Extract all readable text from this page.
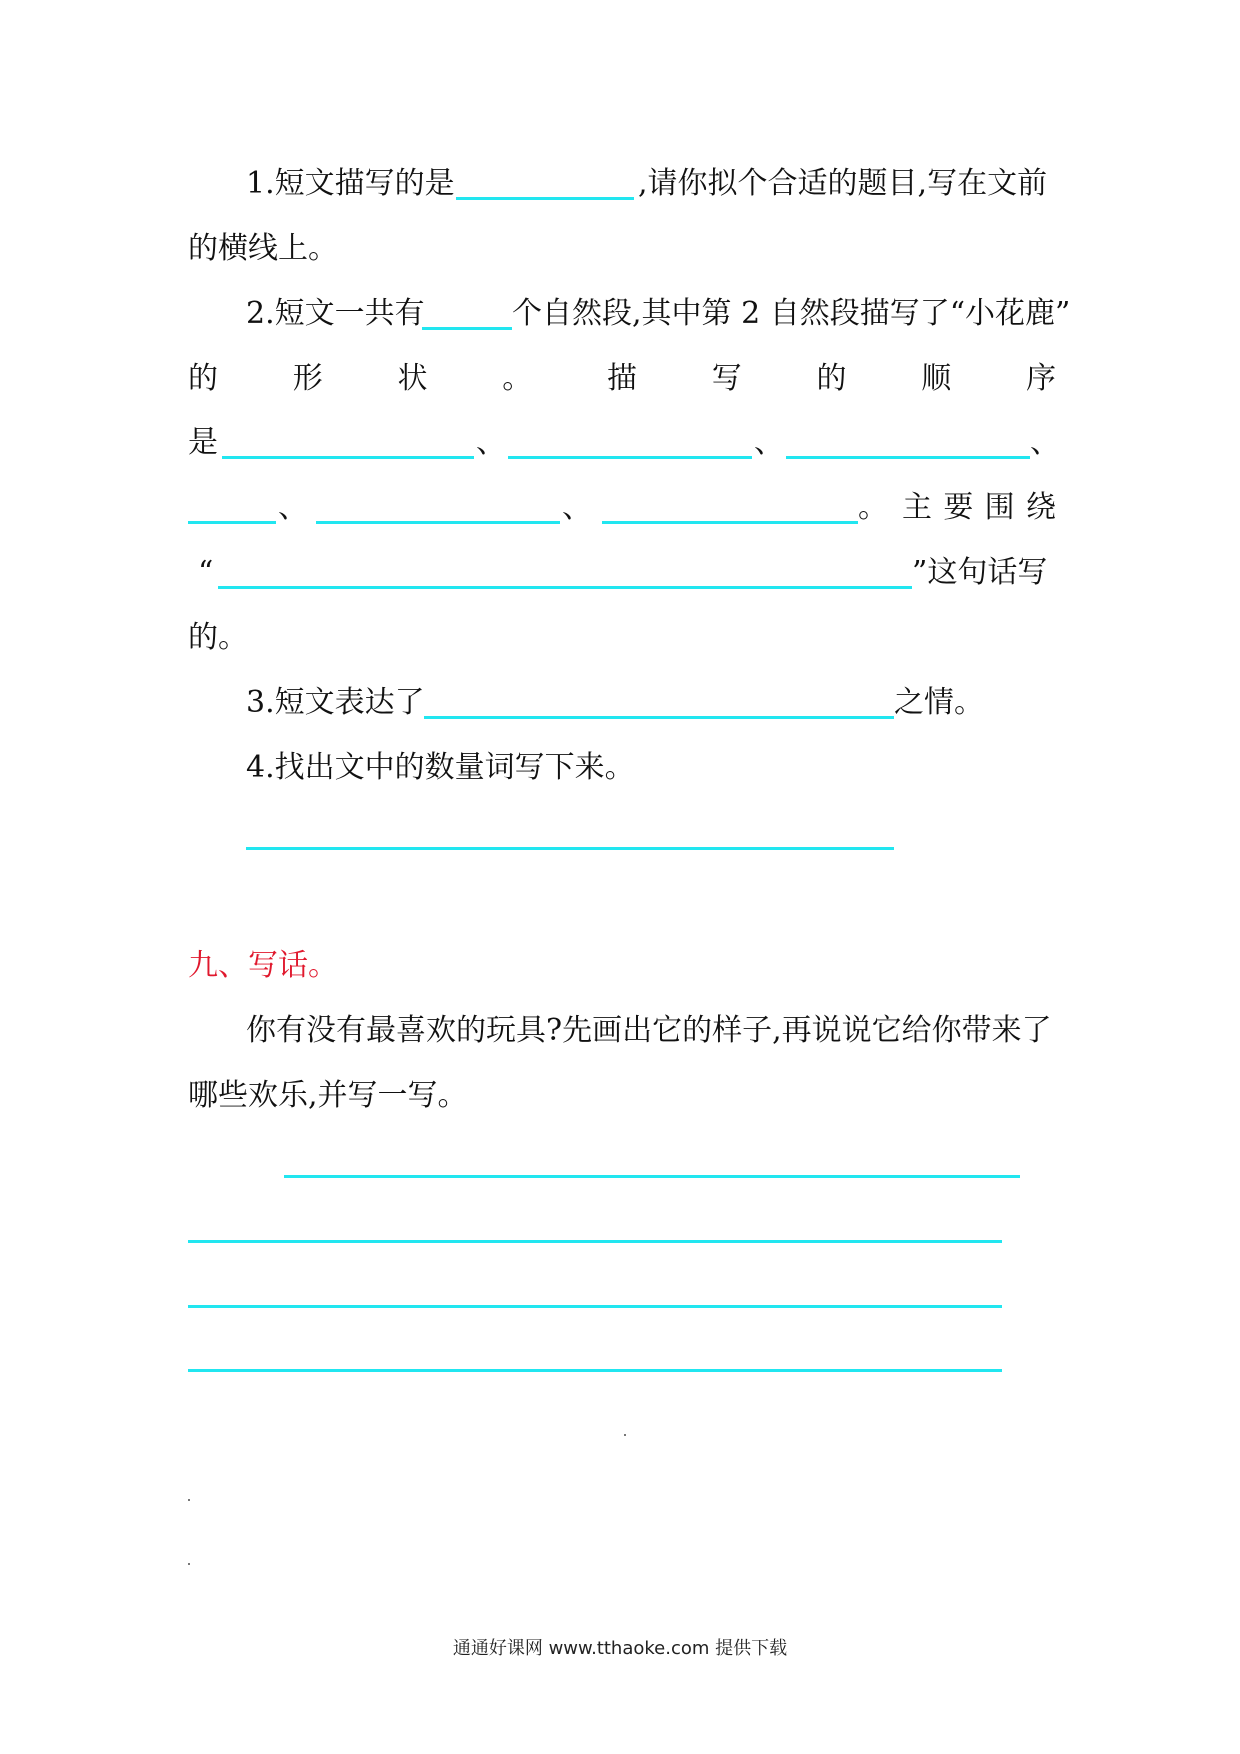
1.短文描写的是	,请你拟个合适的题目,写在文前
的横线上。
2.短文一共有	个自然段,其中第 2 自然段描写了“小花鹿”
的 形 状 。 描 写 的 顺 序
是	、	、	、
、	、	。 主 要 围 绕
“	”这句话写
的。
3.短文表达了	之情。
4.找出文中的数量词写下来。
九、写话。
你有没有最喜欢的玩具?先画出它的样子,再说说它给你带来了
哪些欢乐,并写一写。
通通好课网 www.tthaoke.com 提供下载
